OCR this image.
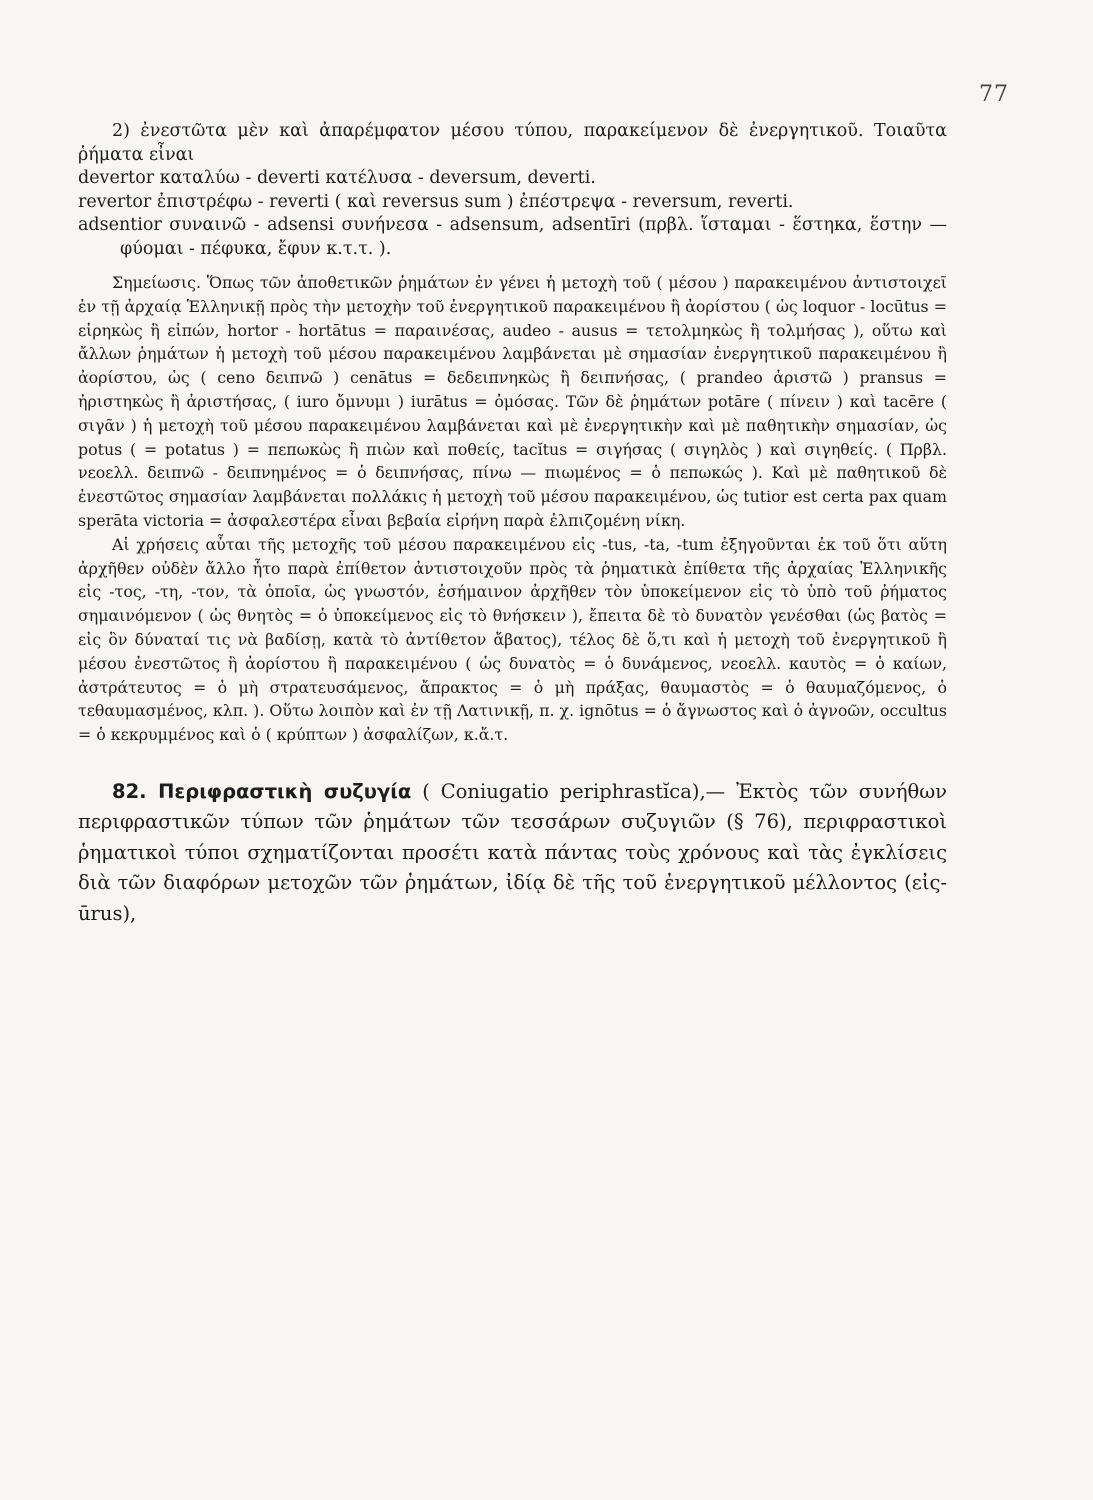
77

2) ἐνεστῶτα μὲν καὶ ἀπαρέμφατον μέσου τύπου, παρακείμενον δὲ ἐνεργητικοῦ. Τοιαῦτα ῥήματα εἶναι

devertor καταλύω - deverti κατέλυσα - deversum, deverti.

revertor ἐπιστρέφω - reverti ( καὶ reversus sum ) ἐπέστρεψα - reversum, reverti.

adsentior συναινῶ - adsensi συνήνεσα - adsensum, adsentīri (πρβλ. ἵσταμαι - ἕστηκα, ἕστην — φύομαι - πέφυκα, ἔφυν κ.τ.τ. ).

Σημείωσις. Ὅπως τῶν ἀποθετικῶν ῥημάτων ἐν γένει ἡ μετοχὴ τοῦ ( μέσου ) παρακειμένου ἀντιστοιχεῖ ἐν τῇ ἀρχαίᾳ Ἑλληνικῇ πρὸς τὴν μετοχὴν τοῦ ἐνεργητικοῦ παρακειμένου ἢ ἀορίστου ( ὡς loquor - locūtus = εἰρηκὼς ἢ εἰπών, hortor - hortātus = παραινέσας, audeo - ausus = τετολμηκὼς ἢ τολμήσας ), οὕτω καὶ ἄλλων ῥημάτων ἡ μετοχὴ τοῦ μέσου παρακειμένου λαμβάνεται μὲ σημασίαν ἐνεργητικοῦ παρακειμένου ἢ ἀορίστου, ὡς ( ceno δειπνῶ ) cenātus = δεδειπνηκὼς ἢ δειπνήσας, ( prandeo ἀριστῶ ) pransus = ἠριστηκὼς ἢ ἀριστήσας, ( iuro ὄμνυμι ) iurātus = ὀμόσας. Τῶν δὲ ῥημάτων potāre ( πίνειν ) καὶ tacēre ( σιγᾶν ) ἡ μετοχὴ τοῦ μέσου παρακειμένου λαμβάνεται καὶ μὲ ἐνεργητικὴν καὶ μὲ παθητικὴν σημασίαν, ὡς potus ( = potatus ) = πεπωκὼς ἢ πιὼν καὶ ποθείς, tacĭtus = σιγήσας ( σιγηλὸς ) καὶ σιγηθείς. ( Πρβλ. νεοελλ. δειπνῶ - δειπνημένος = ὁ δειπνήσας, πίνω — πιωμένος = ὁ πεπωκώς ). Καὶ μὲ παθητικοῦ δὲ ἐνεστῶτος σημασίαν λαμβάνεται πολλάκις ἡ μετοχὴ τοῦ μέσου παρακειμένου, ὡς tutior est certa pax quam sperāta victoria = ἀσφαλεστέρα εἶναι βεβαία εἰρήνη παρὰ ἐλπιζομένη νίκη.

Αἱ χρήσεις αὗται τῆς μετοχῆς τοῦ μέσου παρακειμένου εἰς -tus, -ta, -tum ἐξηγοῦνται ἐκ τοῦ ὅτι αὕτη ἀρχῆθεν οὐδὲν ἄλλο ἦτο παρὰ ἐπίθετον ἀντιστοιχοῦν πρὸς τὰ ῥηματικὰ ἐπίθετα τῆς ἀρχαίας Ἑλληνικῆς εἰς -τος, -τη, -τον, τὰ ὁποῖα, ὡς γνωστόν, ἐσήμαινον ἀρχῆθεν τὸν ὑποκείμενον εἰς τὸ ὑπὸ τοῦ ῥήματος σημαινόμενον ( ὡς θνητὸς = ὁ ὑποκείμενος εἰς τὸ θνήσκειν ), ἔπειτα δὲ τὸ δυνατὸν γενέσθαι (ὡς βατὸς = εἰς ὃν δύναταί τις νὰ βαδίσῃ, κατὰ τὸ ἀντίθετον ἄβατος), τέλος δὲ ὅ,τι καὶ ἡ μετοχὴ τοῦ ἐνεργητικοῦ ἢ μέσου ἐνεστῶτος ἢ ἀορίστου ἢ παρακειμένου ( ὡς δυνατὸς = ὁ δυνάμενος, νεοελλ. καυτὸς = ὁ καίων, ἀστράτευτος = ὁ μὴ στρατευσάμενος, ἄπρακτος = ὁ μὴ πράξας, θαυμαστὸς = ὁ θαυμαζόμενος, ὁ τεθαυμασμένος, κλπ. ). Οὕτω λοιπὸν καὶ ἐν τῇ Λατινικῇ, π. χ. ignōtus = ὁ ἄγνωστος καὶ ὁ ἀγνοῶν, occultus = ὁ κεκρυμμένος καὶ ὁ ( κρύπτων ) ἀσφαλίζων, κ.ἄ.τ.

82. Περιφραστικὴ συζυγία ( Coniugatio periphrastĭca),— Ἐκτὸς τῶν συνήθων περιφραστικῶν τύπων τῶν ῥημάτων τῶν τεσσάρων συζυγιῶν (§ 76), περιφραστικοὶ ῥηματικοὶ τύποι σχηματίζονται προσέτι κατὰ πάντας τοὺς χρόνους καὶ τὰς ἐγκλίσεις διὰ τῶν διαφόρων μετοχῶν τῶν ῥημάτων, ἰδίᾳ δὲ τῆς τοῦ ἐνεργητικοῦ μέλλοντος (εἰς-ūrus),
